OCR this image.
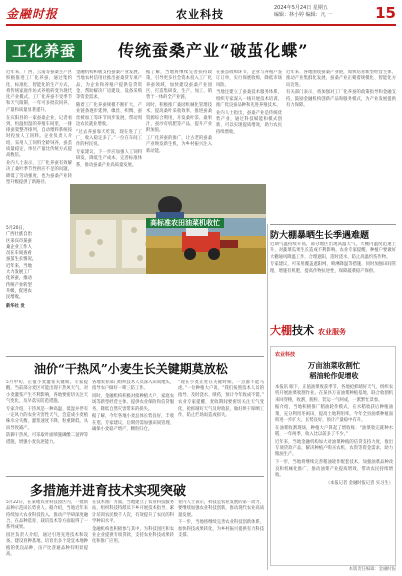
金融时报	农业科技	2024年5月24日 星期五
编辑：林小婷 编辑：凡 一	15
工化养蚕	传统蚕桑产业“破茧化蝶”

近年来，广西、云南等蚕桑主产区积极推进工厂化养蚕，通过集约化、标准化、智能化的生产方式，将传统家庭作坊式养殖转变为现代化产业模式。工厂化养蚕不受季节和天气限制，一年可多批次饲养，产量和质量显著提升。

在宾阳县的一家蚕桑企业，记者看到，恒温恒湿的养殖车间里，一排排蚕架整齐排列，自动喂料系统按时投放人工饲料。企业负责人介绍，采用人工饲料全龄饲养，蚕茧质量稳定，单位产量比传统方式提高数倍。

业内人士表示，工厂化养蚕有效解决了桑叶季节性供应不足的问题，降低了劳动强度，也为蚕桑产业转型升级提供了新路径。

金融机构积极支持蚕桑产业发展。当地农村信用社推出蚕桑贷专项产品，为企业和养殖户提供信贷资金，帮助解决厂房建设、设备采购等资金需求。

随着工厂化养蚕规模不断扩大，产业链条逐步延伸，缫丝、织绸、蚕丝被加工等环节同步发展，带动周边农民就业增收。

“过去养蚕靠天吃饭，现在进了工厂，收入稳定多了。”一位在车间工作的村民说。

专家建议，下一步应加强人工饲料研发，降低生产成本，完善标准体系，推动蚕桑产业高质量发展。

据了解，当地将继续完善扶持政策，引导更多社会资本投入工厂化养蚕领域，加快建设蚕桑产业园区，打造集研发、生产、加工、销售于一体的全产业链。

同时，积极推广桑园机械化管理技术，提高桑叶采收效率，推进蚕桑资源综合利用，开发桑叶茶、桑果汁、蚕沙有机肥等产品，提升产业附加值。

工厂化养蚕的推广，让古老的蚕桑产业焕发新生机，为乡村振兴注入新动能。

在蚕茧收购环节，企业与养殖户签订订单，实行保底收购，降低市场风险。

当地还建立了蚕桑技术服务体系，组织专家深入一线开展技术培训，推广优良蚕品种和先进养殖技术。

业内人士指出，蚕桑产业是传统优势产业，通过科技赋能和模式创新，可以实现提质增效，助力农民持续增收。

近年来，各地围绕蚕桑产业链，加快培育新型经营主体，推动产业集群化发展，蚕桑产业正朝着规模化、智能化方向迈进。

有关部门表示，将加强对工厂化养蚕的政策指导和金融支持，鼓励金融机构创新产品和服务模式，为产业发展提供有力保障。

5月20日，
广西壮族自治
区来宾市某蚕
桑企业工作人
员在车间查看
蚕茧生长情况。
近年来，当地
大力发展工厂
化养蚕，推动
传统产业转型
升级，促进农
民增收。
新华社 发
高标准农田油菜机收忙
防大棚暴晒生长季遇难题

近期气温持续升高，部分地区出现高温天气，大棚内温度迅速上升，对蔬菜瓜果生长造成不利影响。农业专家提醒，种植户要做好大棚通风降温工作，合理遮阳，适时浇水，防止高温灼伤作物。

专家建议，可采用覆盖遮阳网、喷淋降温等措施，同时加强田间管理，增施有机肥，提高作物抗逆性，保障蔬菜稳产保供。

大棚技术 农业服务
农业科技
万亩油菜收割忙
稻油轮作促增收

本报讯 眼下，正值油菜收获季节，各地抢抓晴好天气，组织农机开展油菜收割作业。在某县万亩油菜种植基地，联合收割机来回穿梭，收割、脱粒、装运一气呵成，一派繁忙景象。

据介绍，当地积极推广稻油轮作模式，在水稻收获后种植油菜，充分利用冬闲田，提高土地利用率。今年全县油菜种植面积进一步扩大，长势良好，预计产量稳中有升。

在油菜收割现场，种植大户算起了增收账：“油菜收完就种水稻，一年两季，收入比以前多了不少。”

近年来，当地金融机构加大对油菜种植的信贷支持力度，推出专项贷款产品，解决种植户购买农机、农资等资金需求，助力粮油生产。

下一步，当地将继续完善稻油轮作配套技术，加强油菜品种改良和机械化推广，推动油菜产业提质增效，带动农民持续增收。

（本报记者 金融时报记者 实习生）

油价“干热风”小麦生长关键期莫放松

5月中旬，正值小麦灌浆关键期。专家提醒，当前部分麦区可能出现干热风天气，对小麦灌浆产生不利影响，各地要密切关注天气变化，及早落实防范措施。

专家介绍，干热风是一种高温、低湿并伴有一定风力的农业灾害性天气，会造成小麦植株水分失衡，灌浆速度下降，粒重降低，从而导致减产。

防御干热风，可采取叶面喷施磷酸二氢钾等措施，增强小麦抗逆能力。

各地农业部门组织技术人员深入田间地头，指导农户做好一喷三防工作。

同时，金融机构积极对接种植大户、家庭农场等新型经营主体，提供农业保险和信贷服务，降低自然灾害带来的损失。

据了解，今年各地小麦总体长势良好，丰收在望。专家建议，后期仍需加强田间管理，确保小麦稳产增产，颗粒归仓。

“现在小麦正处在关键时期，一点都不能马虎。”一位种植大户说，“我们按照技术人员的指导，及时浇水、喷药，预计今年收成不错。”

农业专家提醒，麦收期间要密切关注天气变化，抢抓晴好天气及时收获，做好烘干晾晒工作，防止烂场雨造成损失。

多措施并进育技术实现突破

5月22日，在某地农业科技园区内，一批新品种示范田长势喜人。据介绍，当地近年来持续加大农业科技投入，推动产学研深度融合，在品种选育、栽培技术等方面取得了一系列成果。

园区负责人介绍，通过引进先进技术和设备，建设育种基地，培育出多个适宜本地种植的优良品种，亩产比普通品种有明显提高。

在技术推广方面，当地建立了农业科技服务站，组织科技特派员下乡开展技术指导，累计培训农民数千人次，有效提升了农民的科学种田水平。

金融机构也积极参与其中，为科技园区和农业企业提供专项贷款，支持农业科技成果转化和推广应用。

业内人士表示，科技是农业发展的第一动力，要继续加强农业科技创新，推动现代农业高质量发展。

下一步，当地将继续完善农业科技创新体系，加快科技成果转化，为乡村振兴提供有力科技支撑。

本版责任编辑：金融时报
